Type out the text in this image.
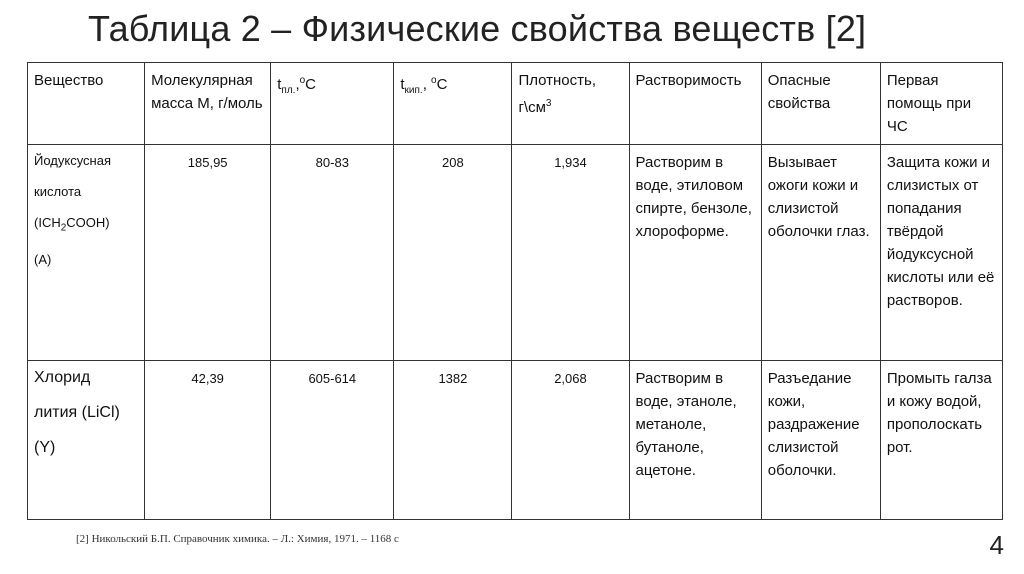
Таблица 2 – Физические свойства веществ [2]
Вещество	Молекулярная масса М, г/моль	$t_{пл.},^оС$	$t_{кип.}$, $^о$С	Плотность, $г\backslash см^3$	Растворимость	Опасные свойства	Первая помощь при ЧС

Йодуксусная
кислота
$(ICH_2COOH)$
(A)	185,95	80-83	208	1,934	Растворим в воде, этиловом спирте, бензоле, хлороформе.	Вызывает ожоги кожи и слизистой оболочки глаз.	Защита кожи и слизистых от попадания твёрдой йодуксусной кислоты или её растворов.

Хлорид
лития (LiCl)
(Y)	42,39	605-614	1382	2,068	Растворим в воде, этаноле, метаноле, бутаноле, ацетоне.	Разъедание кожи, раздражение слизистой оболочки.	Промыть галза и кожу водой, прополоскать рот.
[2] Никольский Б.П. Справочник химика. – Л.: Химия, 1971. – 1168 с	4
